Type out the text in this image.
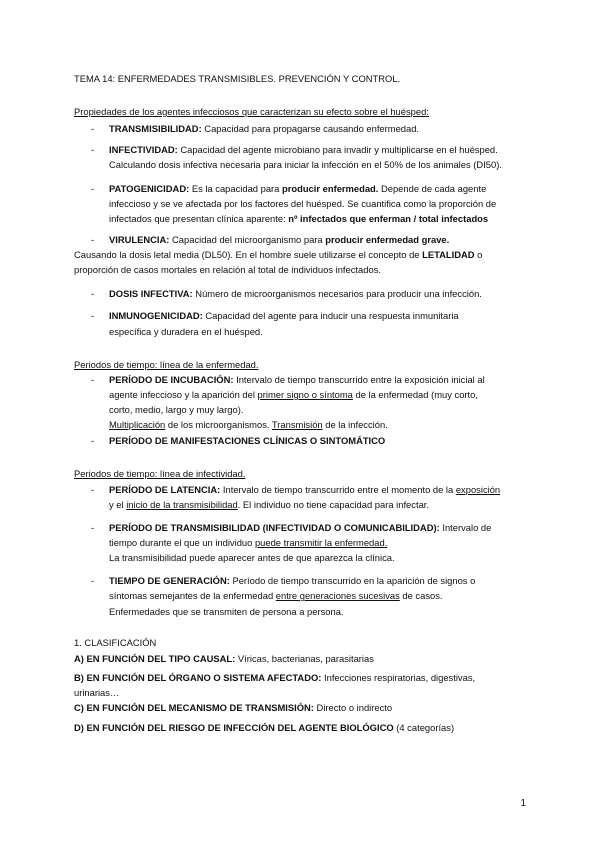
TEMA 14: ENFERMEDADES TRANSMISIBLES. PREVENCIÓN Y CONTROL.
Propiedades de los agentes infecciosos que caracterizan su efecto sobre el huésped:
- TRANSMISIBILIDAD: Capacidad para propagarse causando enfermedad.
- INFECTIVIDAD: Capacidad del agente microbiano para invadir y multiplicarse en el huésped.
Calculando dosis infectiva necesaria para iniciar la infección en el 50% de los animales (DI50).
- PATOGENICIDAD: Es la capacidad para producir enfermedad. Depende de cada agente
infeccioso y se ve afectada por los factores del huésped. Se cuantifica como la proporción de
infectados que presentan clínica aparente: nº infectados que enferman / total infectados
- VIRULENCIA: Capacidad del microorganismo para producir enfermedad grave.
Causando la dosis letal media (DL50). En el hombre suele utilizarse el concepto de LETALIDAD o
proporción de casos mortales en relación al total de individuos infectados.
- DOSIS INFECTIVA: Número de microorganismos necesarios para producir una infección.
- INMUNOGENICIDAD: Capacidad del agente para inducir una respuesta inmunitaria
específica y duradera en el huésped.
Periodos de tiempo: línea de la enfermedad.
- PERÍODO DE INCUBACIÓN: Intervalo de tiempo transcurrido entre la exposición inicial al
agente infeccioso y la aparición del primer signo o síntoma de la enfermedad (muy corto,
corto, medio, largo y muy largo).
Multiplicación de los microorganismos. Transmisión de la infección.
- PERÍODO DE MANIFESTACIONES CLÍNICAS O SINTOMÁTICO
Periodos de tiempo: línea de infectividad.
- PERÍODO DE LATENCIA: Intervalo de tiempo transcurrido entre el momento de la exposición
y el inicio de la transmisibilidad. El individuo no tiene capacidad para infectar.
- PERÍODO DE TRANSMISIBILIDAD (INFECTIVIDAD O COMUNICABILIDAD): Intervalo de
tiempo durante el que un individuo puede transmitir la enfermedad.
La transmisibilidad puede aparecer antes de que aparezca la clínica.
- TIEMPO DE GENERACIÓN: Período de tiempo transcurrido en la aparición de signos o
síntomas semejantes de la enfermedad entre generaciones sucesivas de casos.
Enfermedades que se transmiten de persona a persona.
1. CLASIFICACIÓN
A) EN FUNCIÓN DEL TIPO CAUSAL: Víricas, bacterianas, parasitarias
B) EN FUNCIÓN DEL ÓRGANO O SISTEMA AFECTADO: Infecciones respiratorias, digestivas,
urinarias…
C) EN FUNCIÓN DEL MECANISMO DE TRANSMISIÓN: Directo o indirecto
D) EN FUNCIÓN DEL RIESGO DE INFECCIÓN DEL AGENTE BIOLÓGICO (4 categorías)
1
